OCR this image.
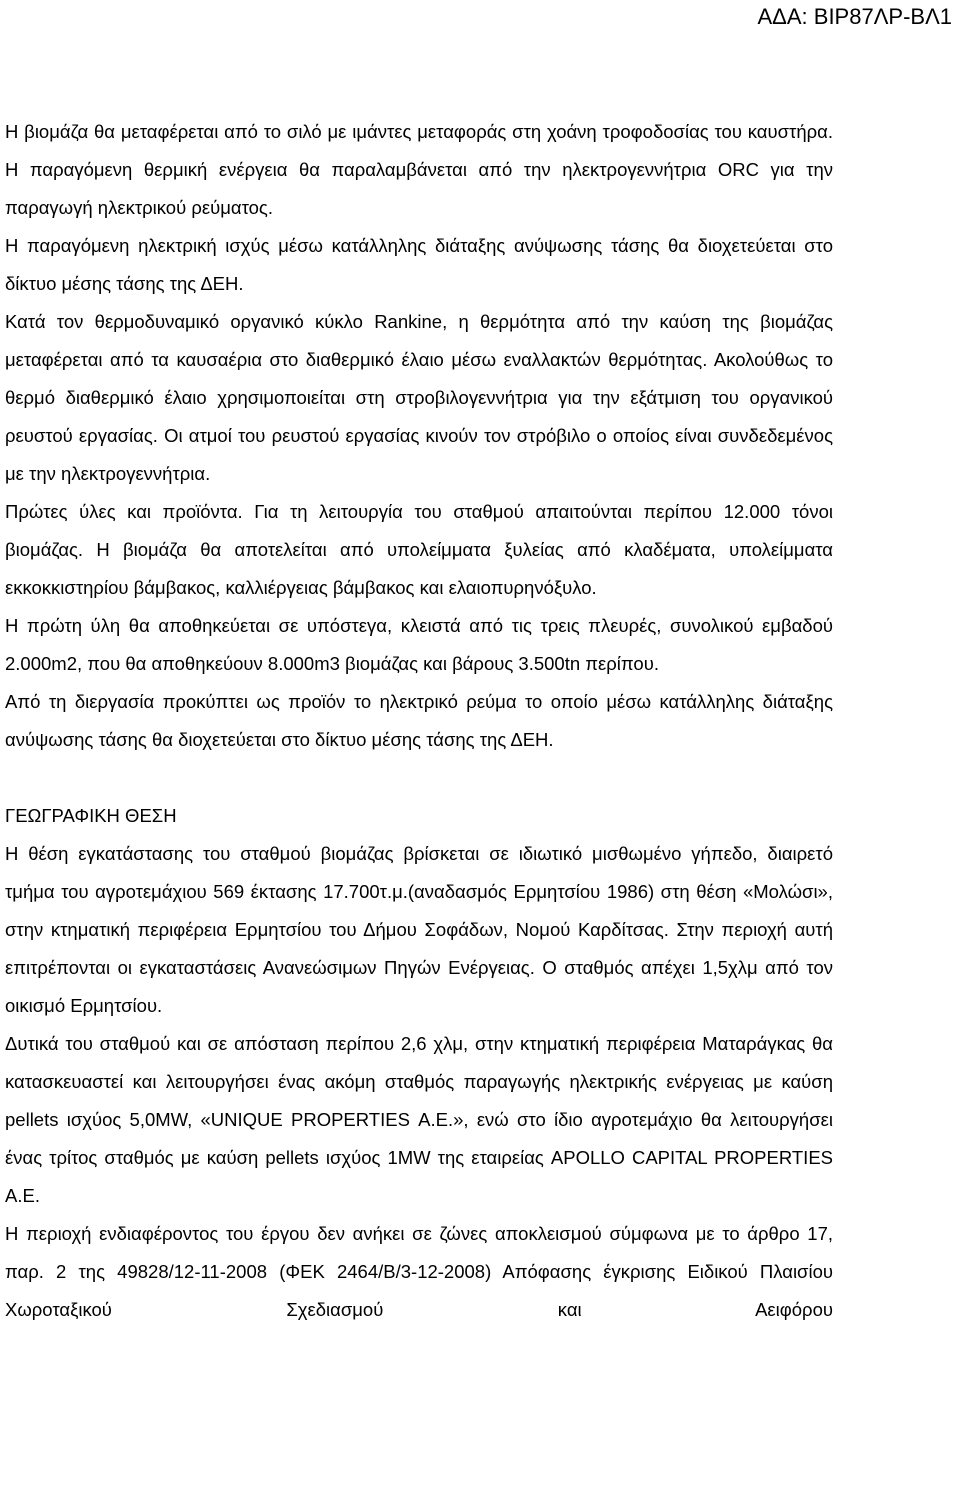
ΑΔΑ: ΒΙΡ87ΛΡ-ΒΛ1

Η βιομάζα θα μεταφέρεται από το σιλό με ιμάντες μεταφοράς στη χοάνη τροφοδοσίας του καυστήρα. Η παραγόμενη θερμική ενέργεια θα παραλαμβάνεται από την ηλεκτρογεννήτρια ORC για την παραγωγή ηλεκτρικού ρεύματος.

Η παραγόμενη ηλεκτρική ισχύς μέσω κατάλληλης διάταξης ανύψωσης τάσης θα διοχετεύεται στο δίκτυο μέσης τάσης της ΔΕΗ.

Κατά τον θερμοδυναμικό οργανικό κύκλο Rankine, η θερμότητα από την καύση της βιομάζας μεταφέρεται από τα καυσαέρια στο διαθερμικό έλαιο μέσω εναλλακτών θερμότητας. Ακολούθως το θερμό διαθερμικό έλαιο χρησιμοποιείται στη στροβιλογεννήτρια για την εξάτμιση του οργανικού ρευστού εργασίας. Οι ατμοί του ρευστού εργασίας κινούν τον στρόβιλο ο οποίος είναι συνδεδεμένος με την ηλεκτρογεννήτρια.

Πρώτες ύλες και προϊόντα. Για τη λειτουργία του σταθμού απαιτούνται περίπου 12.000 τόνοι βιομάζας. Η βιομάζα θα αποτελείται από υπολείμματα ξυλείας από κλαδέματα, υπολείμματα εκκοκκιστηρίου βάμβακος, καλλιέργειας βάμβακος και ελαιοπυρηνόξυλο.

Η πρώτη ύλη θα αποθηκεύεται σε υπόστεγα, κλειστά από τις τρεις πλευρές, συνολικού εμβαδού 2.000m2, που θα αποθηκεύουν 8.000m3 βιομάζας και βάρους 3.500tn περίπου.

Από τη διεργασία προκύπτει ως προϊόν το ηλεκτρικό ρεύμα το οποίο μέσω κατάλληλης διάταξης ανύψωσης τάσης θα διοχετεύεται στο δίκτυο μέσης τάσης της ΔΕΗ.

ΓΕΩΓΡΑΦΙΚΗ ΘΕΣΗ

Η θέση εγκατάστασης του σταθμού βιομάζας βρίσκεται σε ιδιωτικό μισθωμένο γήπεδο, διαιρετό τμήμα του αγροτεμάχιου 569 έκτασης 17.700τ.μ.(αναδασμός Ερμητσίου 1986) στη θέση «Μολώσι», στην κτηματική περιφέρεια Ερμητσίου του Δήμου Σοφάδων, Νομού Καρδίτσας. Στην περιοχή αυτή επιτρέπονται οι εγκαταστάσεις Ανανεώσιμων Πηγών Ενέργειας. Ο σταθμός απέχει 1,5χλμ από τον οικισμό Ερμητσίου.

Δυτικά του σταθμού και σε απόσταση περίπου 2,6 χλμ, στην κτηματική περιφέρεια Mαταράγκας θα κατασκευαστεί και λειτουργήσει ένας ακόμη σταθμός παραγωγής ηλεκτρικής ενέργειας με καύση pellets ισχύος 5,0MW, «UNIQUE PROPERTIES Α.Ε.», ενώ στο ίδιο αγροτεμάχιο θα λειτουργήσει ένας τρίτος σταθμός με καύση pellets ισχύος 1MW της εταιρείας APOLLO CAPITAL PROPERTIES Α.Ε.

Η περιοχή ενδιαφέροντος του έργου δεν ανήκει σε ζώνες αποκλεισμού σύμφωνα με το άρθρο 17, παρ. 2 της 49828/12-11-2008 (ΦΕΚ 2464/Β/3-12-2008) Απόφασης έγκρισης Ειδικού Πλαισίου Χωροταξικού Σχεδιασμού και Αειφόρου
